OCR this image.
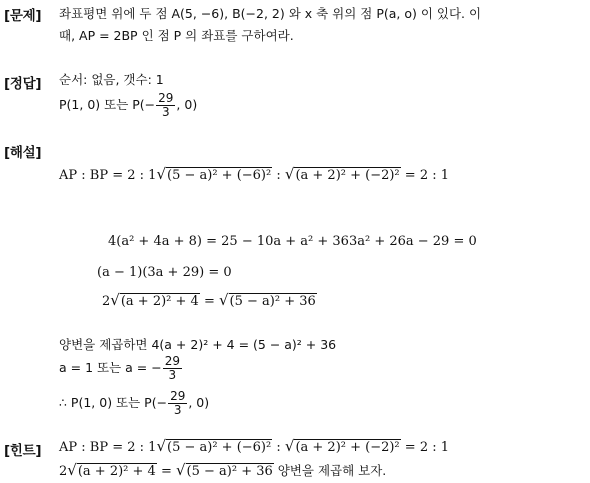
[문제] 좌표평면 위에 두 점 A(5, −6), B(−2, 2) 와 x 축 위의 점 P(a, o) 이 있다. 이
때, AP = 2BP 인 점 P 의 좌표를 구하여라.
[정답] 순서: 없음, 갯수: 1
P(1, 0) 또는 $P(- \frac{29}{3}$ , 0)
[해설]
AP : BP = 2 : 1√(5 − a)² + (−6)² : √(a + 2)² + (−2)² = 2 : 1
4(a² + 4a + 8) = 25 − 10a + a² + 363a² + 26a − 29 = 0
(a − 1)(3a + 29) = 0
2√(a + 2)² + 4 = √(5 − a)² + 36
양변을 제곱하면 4(a + 2)² + 4 = (5 − a)² + 36
a = 1 또는 a = − $\frac{29}{3}$
∴ P(1, 0) 또는 $P(- \frac{29}{3}$ , 0)
[힌트] AP : BP = 2 : 1√(5 − a)² + (−6)² : √(a + 2)² + (−2)² = 2 : 1
2√(a + 2)² + 4 = √(5 − a)² + 36 양변을 제곱해 보자.
